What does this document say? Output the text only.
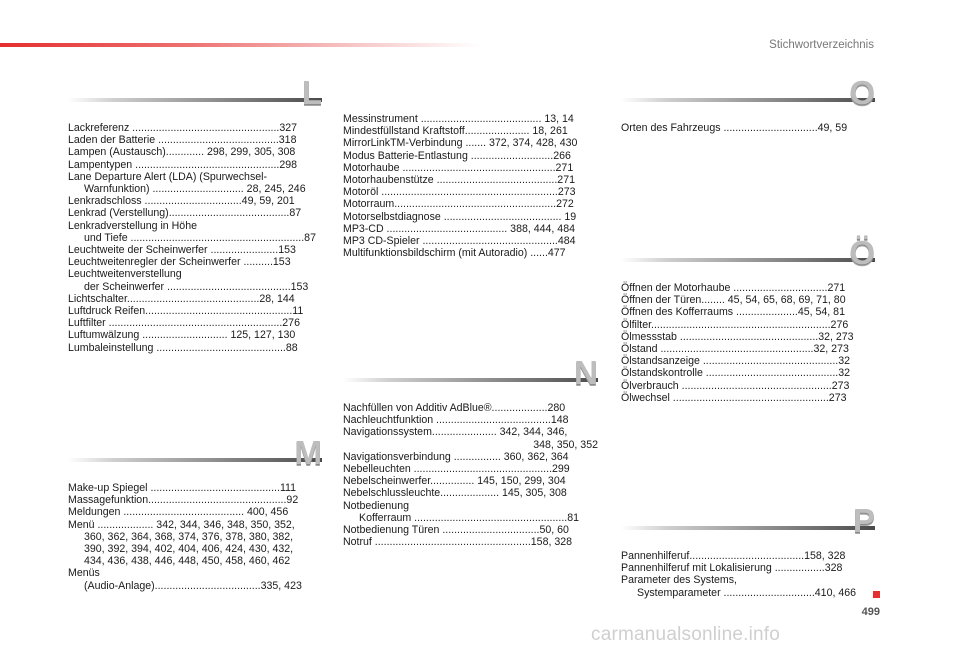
Stichwortverzeichnis
L
Lackreferenz ..................................................327
Laden der Batterie .........................................318
Lampen (Austausch)............. 298, 299, 305, 308
Lampentypen .................................................298
Lane Departure Alert (LDA) (Spurwechsel-
Warnfunktion) ............................... 28, 245, 246
Lenkradschloss .................................49, 59, 201
Lenkrad (Verstellung).........................................87
Lenkradverstellung in Höhe
und Tiefe ...........................................................87
Leuchtweite der Scheinwerfer .......................153
Leuchtweitenregler der Scheinwerfer ..........153
Leuchtweitenverstellung
der Scheinwerfer ..........................................153
Lichtschalter.............................................28, 144
Luftdruck Reifen..................................................11
Luftfilter ...........................................................276
Luftumwälzung ............................. 125, 127, 130
Lumbaleinstellung ............................................88
M
Make-up Spiegel ............................................111
Massagefunktion...............................................92
Meldungen ......................................... 400, 456
Menü ................... 342, 344, 346, 348, 350, 352,
360, 362, 364, 368, 374, 376, 378, 380, 382,
390, 392, 394, 402, 404, 406, 424, 430, 432,
434, 436, 438, 446, 448, 450, 458, 460, 462
Menüs
(Audio-Anlage)....................................335, 423
Messinstrument ......................................... 13, 14
Mindestfüllstand Kraftstoff...................... 18, 261
MirrorLinkTM-Verbindung ....... 372, 374, 428, 430
Modus Batterie-Entlastung ............................266
Motorhaube ....................................................271
Motorhaubenstütze .........................................271
Motoröl ............................................................273
Motorraum.......................................................272
Motorselbstdiagnose ........................................ 19
MP3-CD ......................................... 388, 444, 484
MP3 CD-Spieler ..............................................484
Multifunktionsbildschirm (mit Autoradio) ......477
N
Nachfüllen von Additiv AdBlue®...................280
Nachleuchtfunktion .......................................148
Navigationssystem...................... 342, 344, 346,
348, 350, 352
Navigationsverbindung ................ 360, 362, 364
Nebelleuchten ...............................................299
Nebelscheinwerfer............... 145, 150, 299, 304
Nebelschlussleuchte.................... 145, 305, 308
Notbedienung
Kofferraum ....................................................81
Notbedienung Türen .................................50, 60
Notruf .....................................................158, 328
O
Orten des Fahrzeugs ................................49, 59
Ö
Öffnen der Motorhaube ................................271
Öffnen der Türen........ 45, 54, 65, 68, 69, 71, 80
Öffnen des Kofferraums .....................45, 54, 81
Ölfilter.............................................................276
Ölmessstab ...............................................32, 273
Ölstand ....................................................32, 273
Ölstandsanzeige ..............................................32
Ölstandskontrolle .............................................32
Ölverbrauch ...................................................273
Ölwechsel .....................................................273
P
Pannenhilferuf.......................................158, 328
Pannenhilferuf mit Lokalisierung .................328
Parameter des Systems,
Systemparameter ...............................410, 466
499
carmanualsonline.info
